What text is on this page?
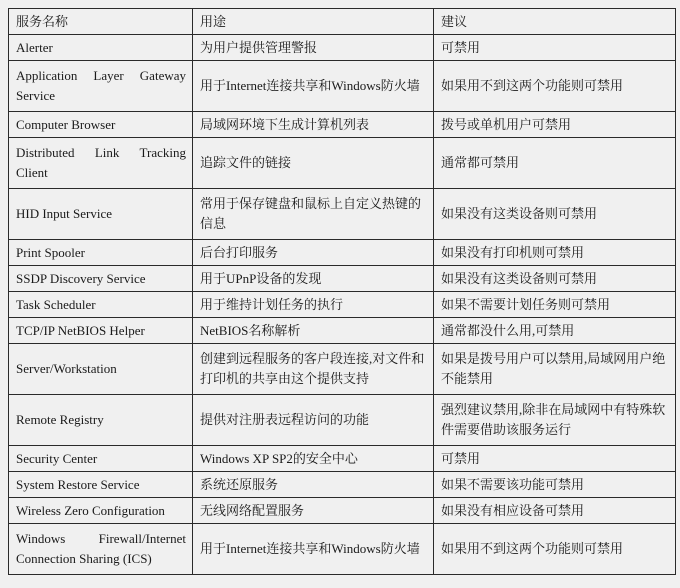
服务名称	用途	建议
Alerter	为用户提供管理警报	可禁用
Application Layer Gateway Service	用于Internet连接共享和Windows防火墙	如果用不到这两个功能则可禁用
Computer Browser	局域网环境下生成计算机列表	拨号或单机用户可禁用
Distributed Link Tracking Client	追踪文件的链接	通常都可禁用
HID Input Service	常用于保存键盘和鼠标上自定义热键的信息	如果没有这类设备则可禁用
Print Spooler	后台打印服务	如果没有打印机则可禁用
SSDP Discovery Service	用于UPnP设备的发现	如果没有这类设备则可禁用
Task Scheduler	用于维持计划任务的执行	如果不需要计划任务则可禁用
TCP/IP NetBIOS Helper	NetBIOS名称解析	通常都没什么用,可禁用
Server/Workstation	创建到远程服务的客户段连接,对文件和打印机的共享由这个提供支持	如果是拨号用户可以禁用,局域网用户绝不能禁用
Remote Registry	提供对注册表远程访问的功能	强烈建议禁用,除非在局域网中有特殊软件需要借助该服务运行
Security Center	Windows XP SP2的安全中心	可禁用
System Restore Service	系统还原服务	如果不需要该功能可禁用
Wireless Zero Configuration	无线网络配置服务	如果没有相应设备可禁用
Windows Firewall/Internet Connection Sharing (ICS)	用于Internet连接共享和Windows防火墙	如果用不到这两个功能则可禁用
